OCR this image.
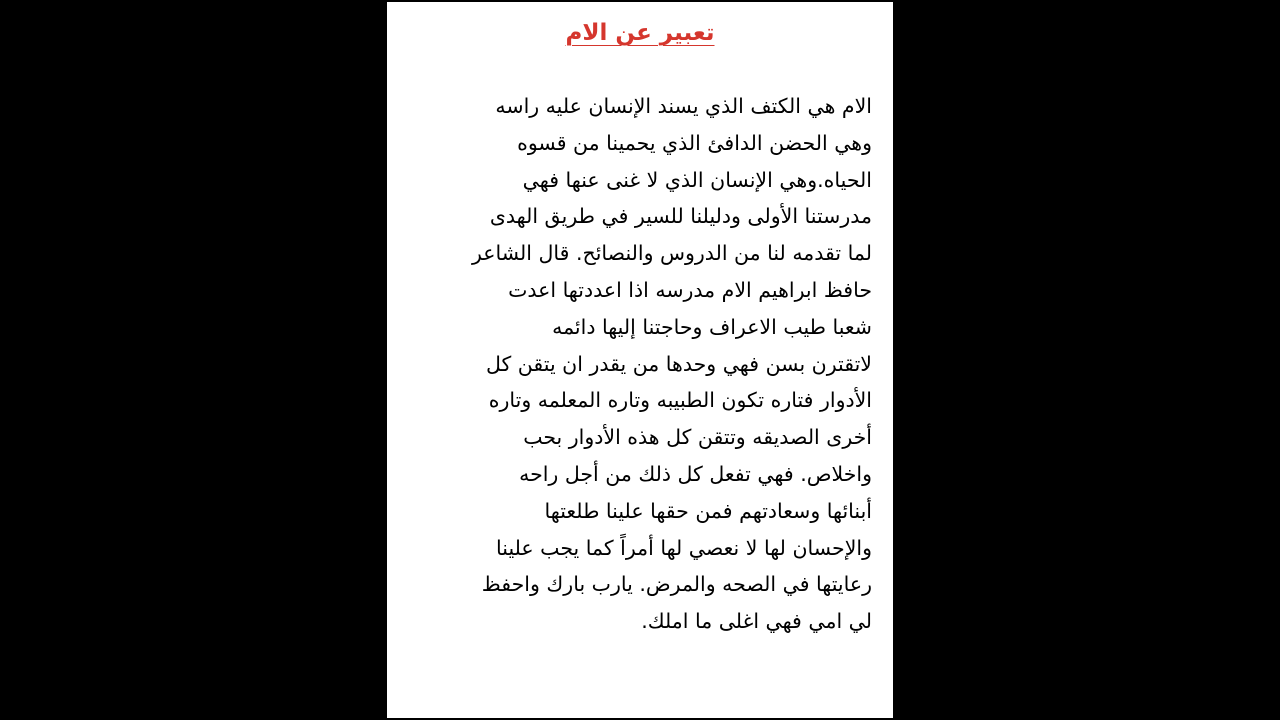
تعبير عن الام
الام هي الكتف الذي يسند الإنسان عليه راسه
وهي الحضن الدافئ الذي يحمينا من قسوه
الحياه.وهي الإنسان الذي لا غنى عنها فهي
مدرستنا الأولى ودليلنا للسير في طريق الهدى
لما تقدمه لنا من الدروس والنصائح. قال الشاعر
حافظ ابراهيم الام مدرسه اذا اعددتها اعدت
شعبا طيب الاعراف وحاجتنا إليها دائمه
لاتقترن بسن فهي وحدها من يقدر ان يتقن كل
الأدوار فتاره تكون الطبيبه وتاره المعلمه وتاره
أخرى الصديقه وتتقن كل هذه الأدوار بحب
واخلاص. فهي تفعل كل ذلك من أجل راحه
أبنائها وسعادتهم فمن حقها علينا طلعتها
والإحسان لها لا نعصي لها أمراً كما يجب علينا
رعايتها في الصحه والمرض. يارب بارك واحفظ
لي امي فهي اغلى ما املك.
